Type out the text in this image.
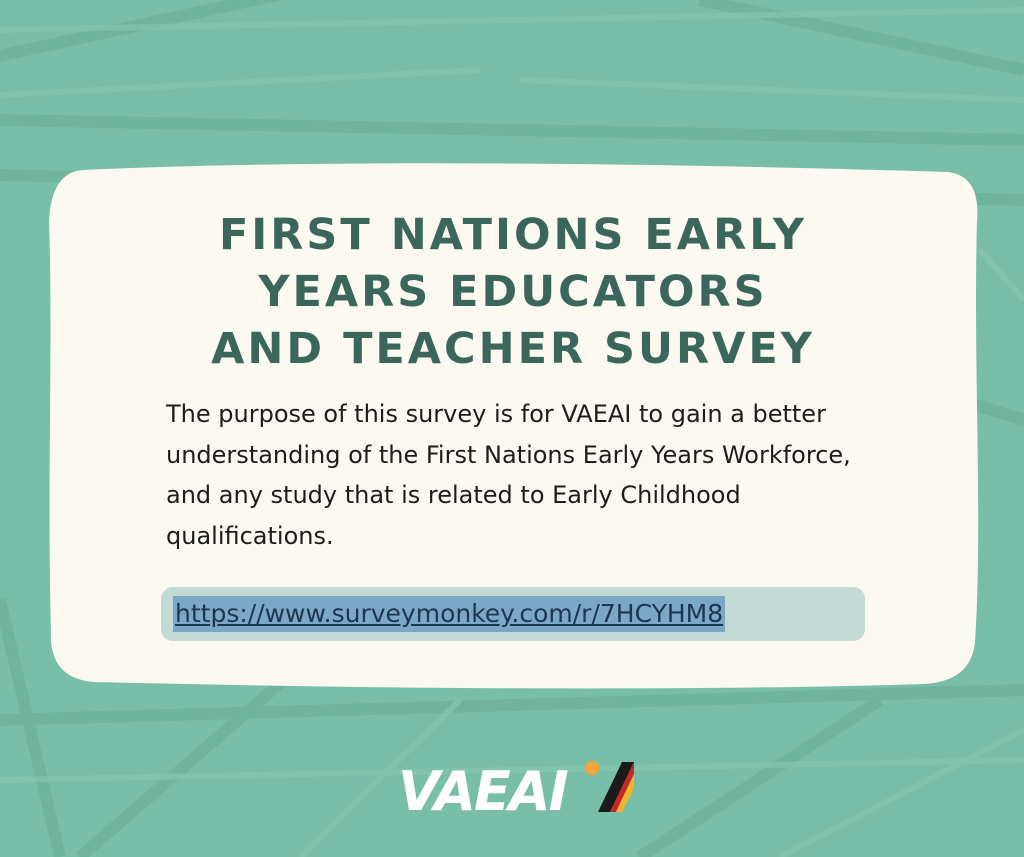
FIRST NATIONS EARLY
YEARS EDUCATORS
AND TEACHER SURVEY
The purpose of this survey is for VAEAI to gain a better understanding of the First Nations Early Years Workforce, and any study that is related to Early Childhood qualifications.
https://www.surveymonkey.com/r/7HCYHM8
VAEAI
